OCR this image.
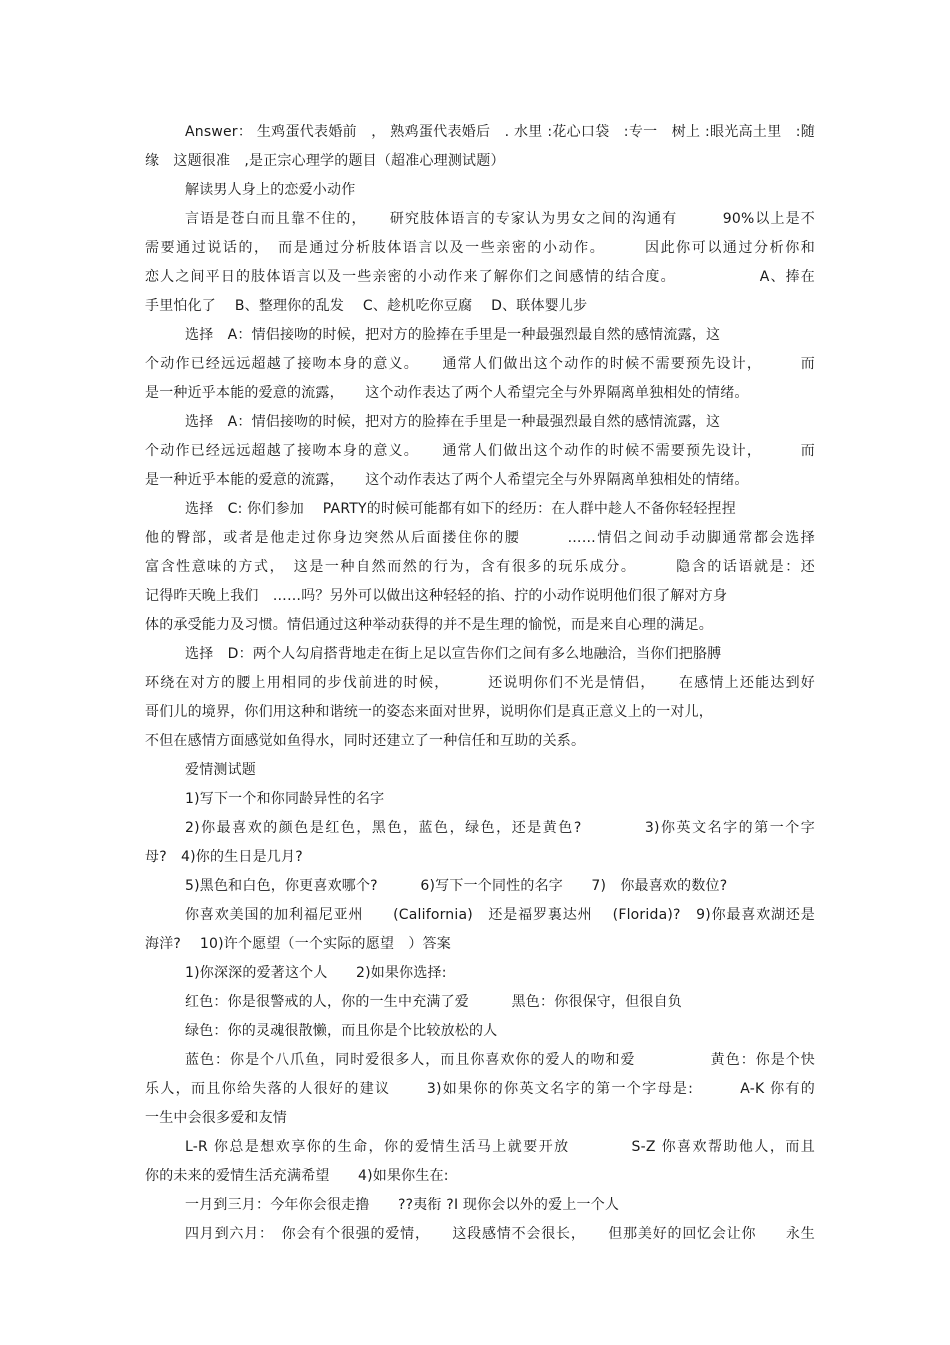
Answer： 生鸡蛋代表婚前　， 熟鸡蛋代表婚后　. 水里 :花心口袋　:专一　树上 :眼光高土里　:随
缘　这题很准　,是正宗心理学的题目（超准心理测试题）
解读男人身上的恋爱小动作
言语是苍白而且靠不住的，　　研究肢体语言的专家认为男女之间的沟通有　　　90%以上是不
需要通过说话的，　而是通过分析肢体语言以及一些亲密的小动作。　　　因此你可以通过分析你和
恋人之间平日的肢体语言以及一些亲密的小动作来了解你们之间感情的结合度。　　　　　　A、捧在
手里怕化了　 B、整理你的乱发　 C、趁机吃你豆腐　 D、联体婴儿步
选择　A：情侣接吻的时候，把对方的脸捧在手里是一种最强烈最自然的感情流露，这
个动作已经远远超越了接吻本身的意义。　　通常人们做出这个动作的时候不需要预先设计，　　　而
是一种近乎本能的爱意的流露，　　这个动作表达了两个人希望完全与外界隔离单独相处的情绪。
选择　A：情侣接吻的时候，把对方的脸捧在手里是一种最强烈最自然的感情流露，这
个动作已经远远超越了接吻本身的意义。　　通常人们做出这个动作的时候不需要预先设计，　　　而
是一种近乎本能的爱意的流露，　　这个动作表达了两个人希望完全与外界隔离单独相处的情绪。
选择　C: 你们参加　 PARTY的时候可能都有如下的经历：在人群中趁人不备你轻轻捏捏
他的臀部，或者是他走过你身边突然从后面搂住你的腰　　　……情侣之间动手动脚通常都会选择
富含性意味的方式，　这是一种自然而然的行为，含有很多的玩乐成分。　　　隐含的话语就是：还
记得昨天晚上我们　……吗？另外可以做出这种轻轻的掐、拧的小动作说明他们很了解对方身
体的承受能力及习惯。情侣通过这种举动获得的并不是生理的愉悦，而是来自心理的满足。
选择　D：两个人勾肩搭背地走在街上足以宣告你们之间有多么地融洽，当你们把胳膊
环绕在对方的腰上用相同的步伐前进的时候，　　　还说明你们不光是情侣，　　在感情上还能达到好
哥们儿的境界，你们用这种和谐统一的姿态来面对世界，说明你们是真正意义上的一对儿，
不但在感情方面感觉如鱼得水，同时还建立了一种信任和互助的关系。
爱情测试题
1)写下一个和你同龄异性的名字
2)你最喜欢的颜色是红色，黑色，蓝色，绿色，还是黄色?　　　　3)你英文名字的第一个字
母?　4)你的生日是几月?
5)黑色和白色，你更喜欢哪个?　　　6)写下一个同性的名字　　7)　你最喜欢的数位?
你喜欢美国的加利福尼亚州　　(California)　还是福罗裏达州　 (Florida)?　9)你最喜欢湖还是
海洋?　 10)许个愿望（一个实际的愿望　）答案
1)你深深的爱著这个人　　2)如果你选择:
红色：你是很警戒的人，你的一生中充满了爱　　　黑色：你很保守，但很自负
绿色：你的灵魂很散懒，而且你是个比较放松的人
蓝色：你是个八爪鱼，同时爱很多人，而且你喜欢你的爱人的吻和爱　　　　　黄色：你是个快
乐人，而且你给失落的人很好的建议　　 3)如果你的你英文名字的第一个字母是:　　　A-K 你有的
一生中会很多爱和友情
L-R 你总是想欢享你的生命，你的爱情生活马上就要开放　　　　S-Z 你喜欢帮助他人，而且
你的未来的爱情生活充满希望　　4)如果你生在:
一月到三月：今年你会很走撸　　??夷衔 ?I 现你会以外的爱上一个人
四月到六月：　你会有个很强的爱情，　　这段感情不会很长，　　但那美好的回忆会让你　　永生
